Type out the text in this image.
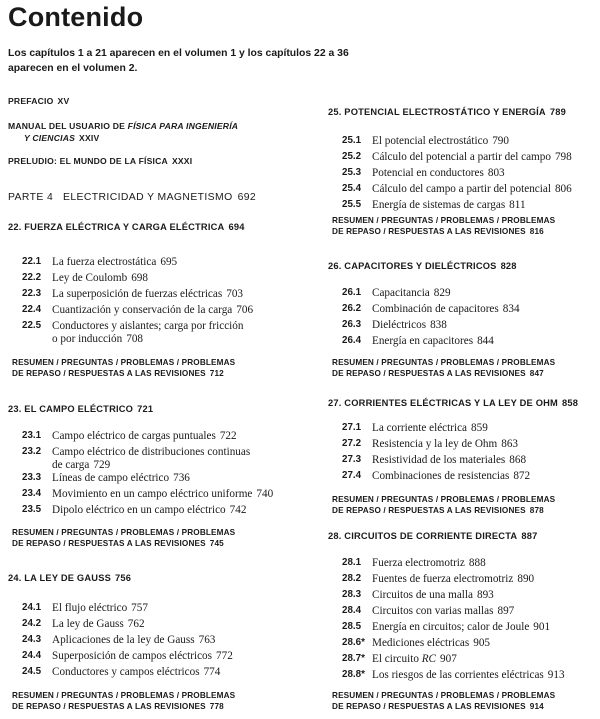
Contenido
Los capítulos 1 a 21 aparecen en el volumen 1 y los capítulos 22 a 36 aparecen en el volumen 2.
PREFACIO XV
MANUAL DEL USUARIO DE FÍSICA PARA INGENIERÍA
Y CIENCIAS XXIV
PRELUDIO: EL MUNDO DE LA FÍSICA XXXI
PARTE 4   ELECTRICIDAD Y MAGNETISMO 692
22. FUERZA ELÉCTRICA Y CARGA ELÉCTRICA 694
22.1 La fuerza electrostática 695
22.2 Ley de Coulomb 698
22.3 La superposición de fuerzas eléctricas 703
22.4 Cuantización y conservación de la carga 706
22.5 Conductores y aislantes; carga por fricción
o por inducción 708
RESUMEN / PREGUNTAS / PROBLEMAS / PROBLEMAS
DE REPASO / RESPUESTAS A LAS REVISIONES 712
23. EL CAMPO ELÉCTRICO 721
23.1 Campo eléctrico de cargas puntuales 722
23.2 Campo eléctrico de distribuciones continuas
de carga 729
23.3 Líneas de campo eléctrico 736
23.4 Movimiento en un campo eléctrico uniforme 740
23.5 Dipolo eléctrico en un campo eléctrico 742
RESUMEN / PREGUNTAS / PROBLEMAS / PROBLEMAS
DE REPASO / RESPUESTAS A LAS REVISIONES 745
24. LA LEY DE GAUSS 756
24.1 El flujo eléctrico 757
24.2 La ley de Gauss 762
24.3 Aplicaciones de la ley de Gauss 763
24.4 Superposición de campos eléctricos 772
24.5 Conductores y campos eléctricos 774
RESUMEN / PREGUNTAS / PROBLEMAS / PROBLEMAS
DE REPASO / RESPUESTAS A LAS REVISIONES 778
25. POTENCIAL ELECTROSTÁTICO Y ENERGÍA 789
25.1 El potencial electrostático 790
25.2 Cálculo del potencial a partir del campo 798
25.3 Potencial en conductores 803
25.4 Cálculo del campo a partir del potencial 806
25.5 Energía de sistemas de cargas 811
RESUMEN / PREGUNTAS / PROBLEMAS / PROBLEMAS
DE REPASO / RESPUESTAS A LAS REVISIONES 816
26. CAPACITORES Y DIELÉCTRICOS 828
26.1 Capacitancia 829
26.2 Combinación de capacitores 834
26.3 Dieléctricos 838
26.4 Energía en capacitores 844
RESUMEN / PREGUNTAS / PROBLEMAS / PROBLEMAS
DE REPASO / RESPUESTAS A LAS REVISIONES 847
27. CORRIENTES ELÉCTRICAS Y LA LEY DE OHM 858
27.1 La corriente eléctrica 859
27.2 Resistencia y la ley de Ohm 863
27.3 Resistividad de los materiales 868
27.4 Combinaciones de resistencias 872
RESUMEN / PREGUNTAS / PROBLEMAS / PROBLEMAS
DE REPASO / RESPUESTAS A LAS REVISIONES 878
28. CIRCUITOS DE CORRIENTE DIRECTA 887
28.1 Fuerza electromotriz 888
28.2 Fuentes de fuerza electromotriz 890
28.3 Circuitos de una malla 893
28.4 Circuitos con varias mallas 897
28.5 Energía en circuitos; calor de Joule 901
28.6* Mediciones eléctricas 905
28.7* El circuito RC 907
28.8* Los riesgos de las corrientes eléctricas 913
RESUMEN / PREGUNTAS / PROBLEMAS / PROBLEMAS
DE REPASO / RESPUESTAS A LAS REVISIONES 914
